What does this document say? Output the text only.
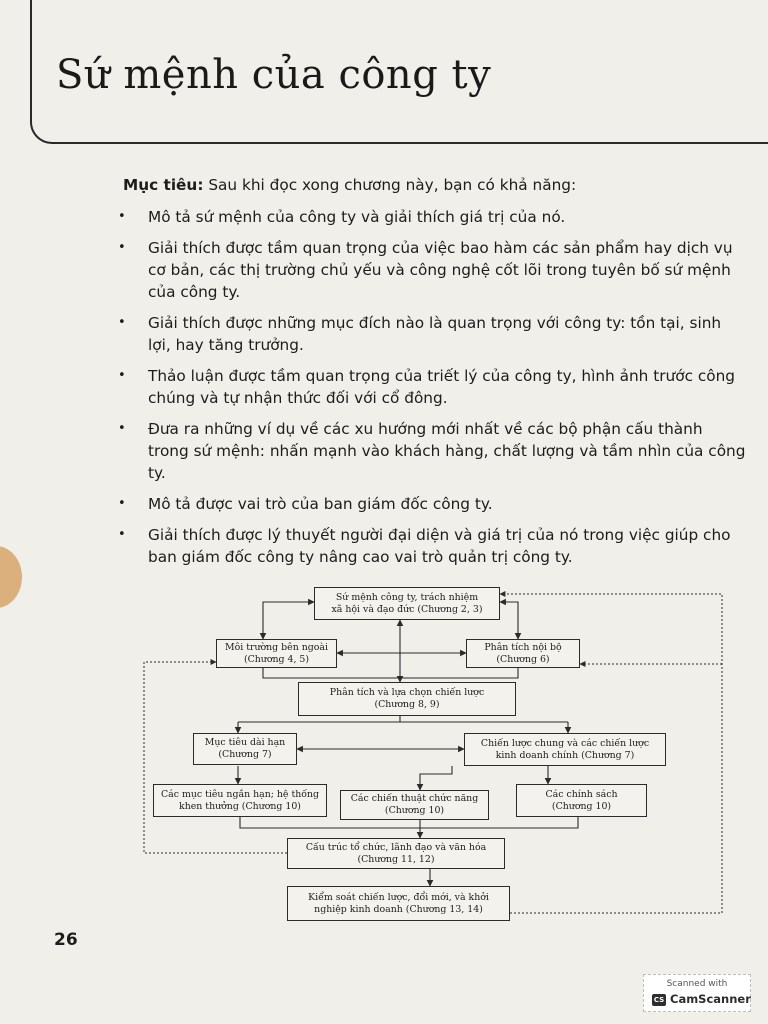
Sứ mệnh của công ty

Mục tiêu: Sau khi đọc xong chương này, bạn có khả năng:

• Mô tả sứ mệnh của công ty và giải thích giá trị của nó.
• Giải thích được tầm quan trọng của việc bao hàm các sản phẩm hay dịch vụ cơ bản, các thị trường chủ yếu và công nghệ cốt lõi trong tuyên bố sứ mệnh của công ty.
• Giải thích được những mục đích nào là quan trọng với công ty: tồn tại, sinh lợi, hay tăng trưởng.
• Thảo luận được tầm quan trọng của triết lý của công ty, hình ảnh trước công chúng và tự nhận thức đối với cổ đông.
• Đưa ra những ví dụ về các xu hướng mới nhất về các bộ phận cấu thành trong sứ mệnh: nhấn mạnh vào khách hàng, chất lượng và tầm nhìn của công ty.
• Mô tả được vai trò của ban giám đốc công ty.
• Giải thích được lý thuyết người đại diện và giá trị của nó trong việc giúp cho ban giám đốc công ty nâng cao vai trò quản trị công ty.
Sứ mệnh công ty, trách nhiệm
xã hội và đạo đức (Chương 2, 3)
Môi trường bên ngoài
(Chương 4, 5)
Phân tích nội bộ
(Chương 6)
Phân tích và lựa chọn chiến lược
(Chương 8, 9)
Mục tiêu dài hạn
(Chương 7)
Chiến lược chung và các chiến lược
kinh doanh chính (Chương 7)
Các mục tiêu ngắn hạn; hệ thống
khen thưởng (Chương 10)
Các chiến thuật chức năng
(Chương 10)
Các chính sách
(Chương 10)
Cấu trúc tổ chức, lãnh đạo và văn hóa
(Chương 11, 12)
Kiểm soát chiến lược, đổi mới, và khởi
nghiệp kinh doanh (Chương 13, 14)
26
Scanned with
CS CamScanner
